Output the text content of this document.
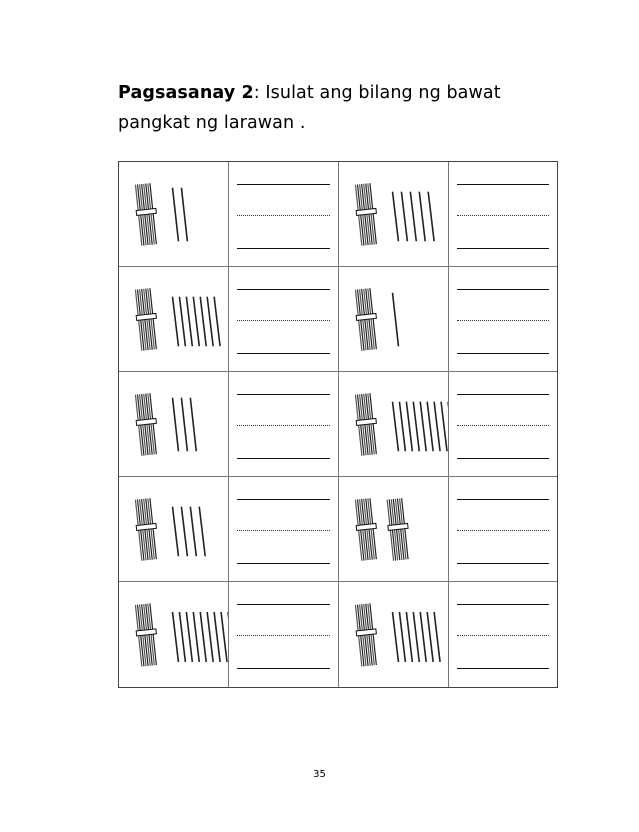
Pagsasanay 2: Isulat ang bilang ng bawat pangkat ng larawan .
35
